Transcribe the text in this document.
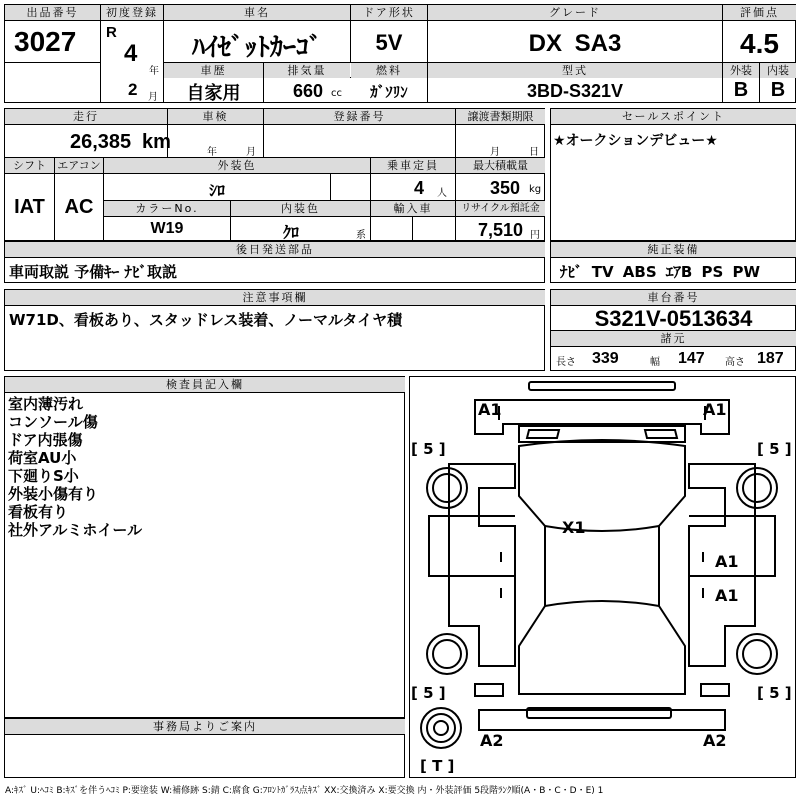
出品番号
3027
初度登録
R
4
年
2 月
車名
ﾊｲｾﾞｯﾄｶｰｺﾞ
ドア形状
5V
グレード
DX SA3
評価点
4.5
車歴
自家用
排気量
660 cc
燃料
ｶﾞｿﾘﾝ
型式
3BD-S321V
外装	内装
B	B
走行
26,385 km
車検
年	月
登録番号	譲渡書類期限
月	日
シフト
IAT
エアコン
AC
外装色
ｼﾛ
乗車定員
4 人
最大積載量
350 kg
カラーNo.
W19
内装色
ｸﾛ	系
輸入車	リサイクル預託金
7,510 円
セールスポイント
★オークションデビュー★
後日発送部品
車両取説 予備ｷｰ ﾅﾋﾞ取説
純正装備
ﾅﾋﾞ TV ABS ｴｱB PS PW
注意事項欄
W71D、看板あり、スタッドレス装着、ノーマルタイヤ積
車台番号
S321V-0513634
諸元
長さ 339	幅 147 高さ 187
検査員記入欄
室内薄汚れ
コンソール傷
ドア内張傷
荷室AU小
下廻りS小
外装小傷有り
看板有り
社外アルミホイール
事務局よりご案内
A1	A1
X1
A1
A1
A2	A2
[ 5 ]	[ 5 ]
[ 5 ]	[ 5 ]
[ T ]
A:ｷｽﾞ U:ﾍｺﾐ B:ｷｽﾞを伴うﾍｺﾐ P:要塗装 W:補修跡 S:錆 C:腐食 G:ﾌﾛﾝﾄｶﾞﾗｽ点ｷｽﾞ XX:交換済み X:要交換 内・外装評価 5段階ﾗﾝｸ順(A・B・C・D・E) 1
